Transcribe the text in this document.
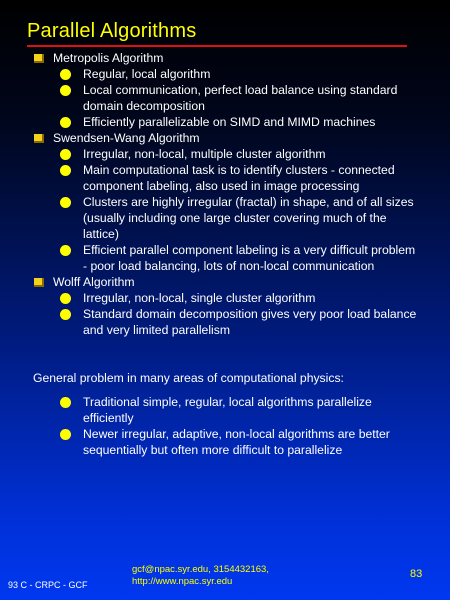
Parallel Algorithms
Metropolis Algorithm
Regular, local algorithm
Local communication, perfect load balance using standard domain decomposition
Efficiently parallelizable on SIMD and MIMD machines
Swendsen-Wang Algorithm
Irregular, non-local, multiple cluster algorithm
Main computational task is to identify clusters - connected component labeling, also used in image processing
Clusters are highly irregular (fractal) in shape, and of all sizes (usually including one large cluster covering much of the lattice)
Efficient parallel component labeling is a very difficult problem - poor load balancing, lots of non-local communication
Wolff Algorithm
Irregular, non-local, single cluster algorithm
Standard domain decomposition gives very poor load balance and very limited parallelism
General problem in many areas of computational physics:
Traditional simple, regular, local algorithms parallelize efficiently
Newer irregular, adaptive, non-local algorithms are better sequentially but often more difficult to parallelize
93 C - CRPC - GCF
gcf@npac.syr.edu, 3154432163,
http://www.npac.syr.edu
83
